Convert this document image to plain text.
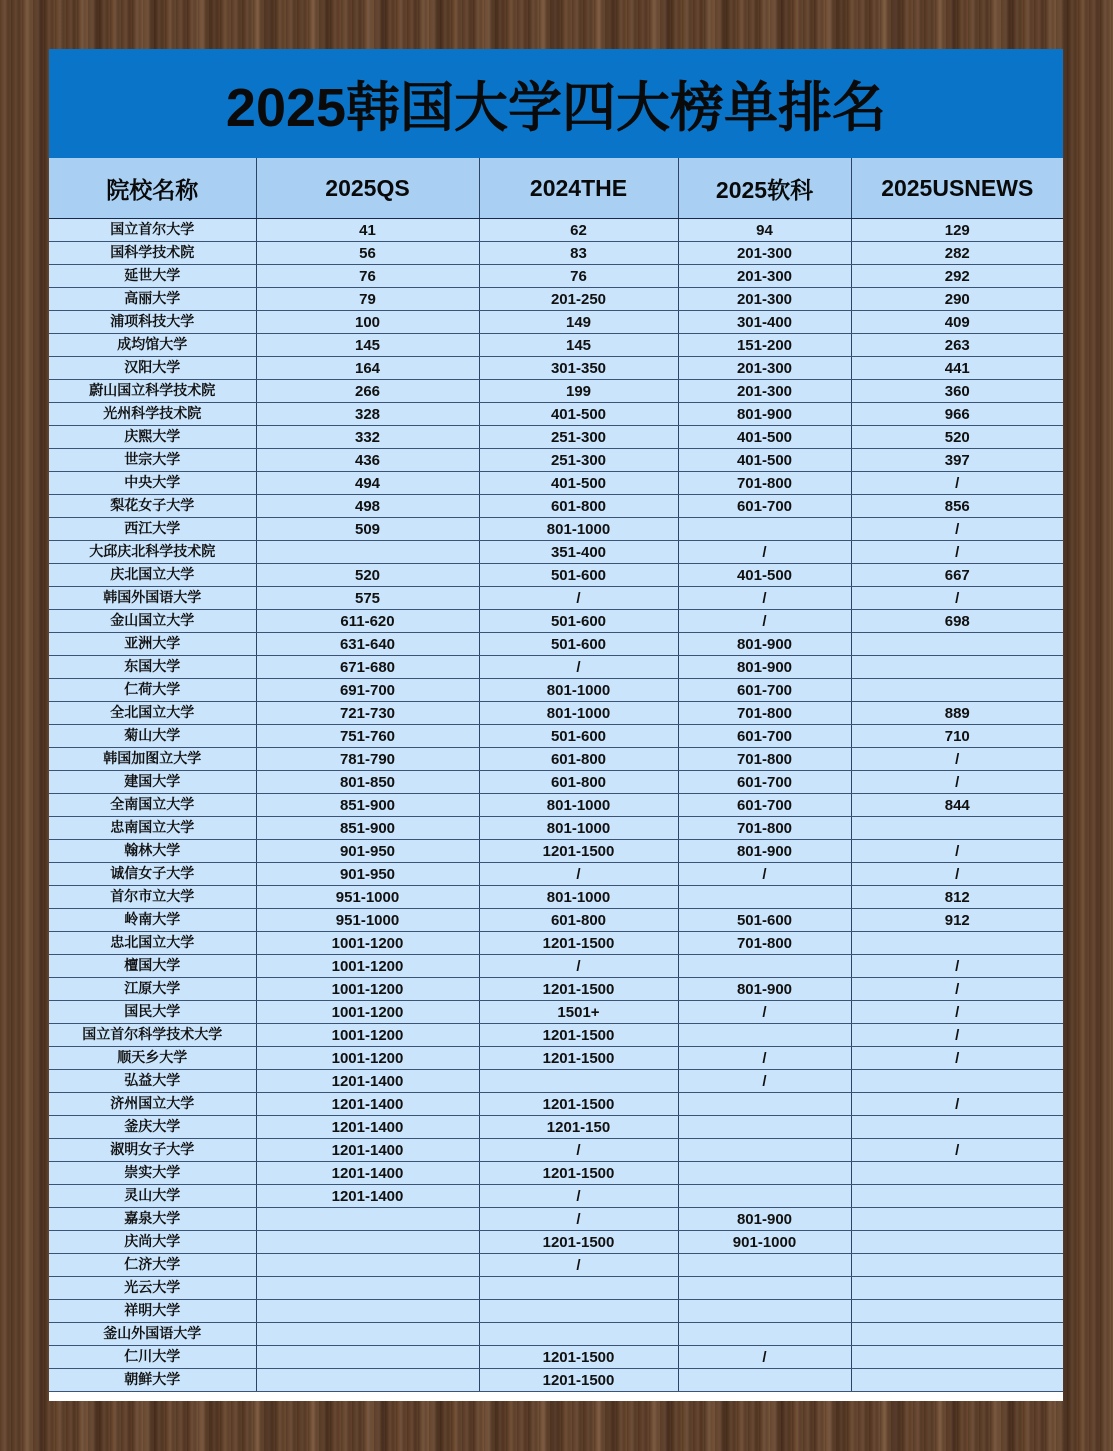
2025韩国大学四大榜单排名
院校名称	2025QS	2024THE	2025软科	2025USNEWS
国立首尔大学	41	62	94	129
国科学技术院	56	83	201-300	282
延世大学	76	76	201-300	292
高丽大学	79	201-250	201-300	290
浦项科技大学	100	149	301-400	409
成均馆大学	145	145	151-200	263
汉阳大学	164	301-350	201-300	441
蔚山国立科学技术院	266	199	201-300	360
光州科学技术院	328	401-500	801-900	966
庆熙大学	332	251-300	401-500	520
世宗大学	436	251-300	401-500	397
中央大学	494	401-500	701-800	/
梨花女子大学	498	601-800	601-700	856
西江大学	509	801-1000		/
大邱庆北科学技术院		351-400	/	/
庆北国立大学	520	501-600	401-500	667
韩国外国语大学	575	/	/	/
金山国立大学	611-620	501-600	/	698
亚洲大学	631-640	501-600	801-900	
东国大学	671-680	/	801-900	
仁荷大学	691-700	801-1000	601-700	
全北国立大学	721-730	801-1000	701-800	889
菊山大学	751-760	501-600	601-700	710
韩国加图立大学	781-790	601-800	701-800	/
建国大学	801-850	601-800	601-700	/
全南国立大学	851-900	801-1000	601-700	844
忠南国立大学	851-900	801-1000	701-800	
翰林大学	901-950	1201-1500	801-900	/
诚信女子大学	901-950	/	/	/
首尔市立大学	951-1000	801-1000		812
岭南大学	951-1000	601-800	501-600	912
忠北国立大学	1001-1200	1201-1500	701-800	
檀国大学	1001-1200	/		/
江原大学	1001-1200	1201-1500	801-900	/
国民大学	1001-1200	1501+	/	/
国立首尔科学技术大学	1001-1200	1201-1500		/
顺天乡大学	1001-1200	1201-1500	/	/
弘益大学	1201-1400		/	
济州国立大学	1201-1400	1201-1500		/
釜庆大学	1201-1400	1201-150		
淑明女子大学	1201-1400	/		/
崇实大学	1201-1400	1201-1500		
灵山大学	1201-1400	/		
嘉泉大学		/	801-900	
庆尚大学		1201-1500	901-1000	
仁济大学		/		
光云大学				
祥明大学				
釜山外国语大学				
仁川大学		1201-1500	/	
朝鲜大学		1201-1500		
